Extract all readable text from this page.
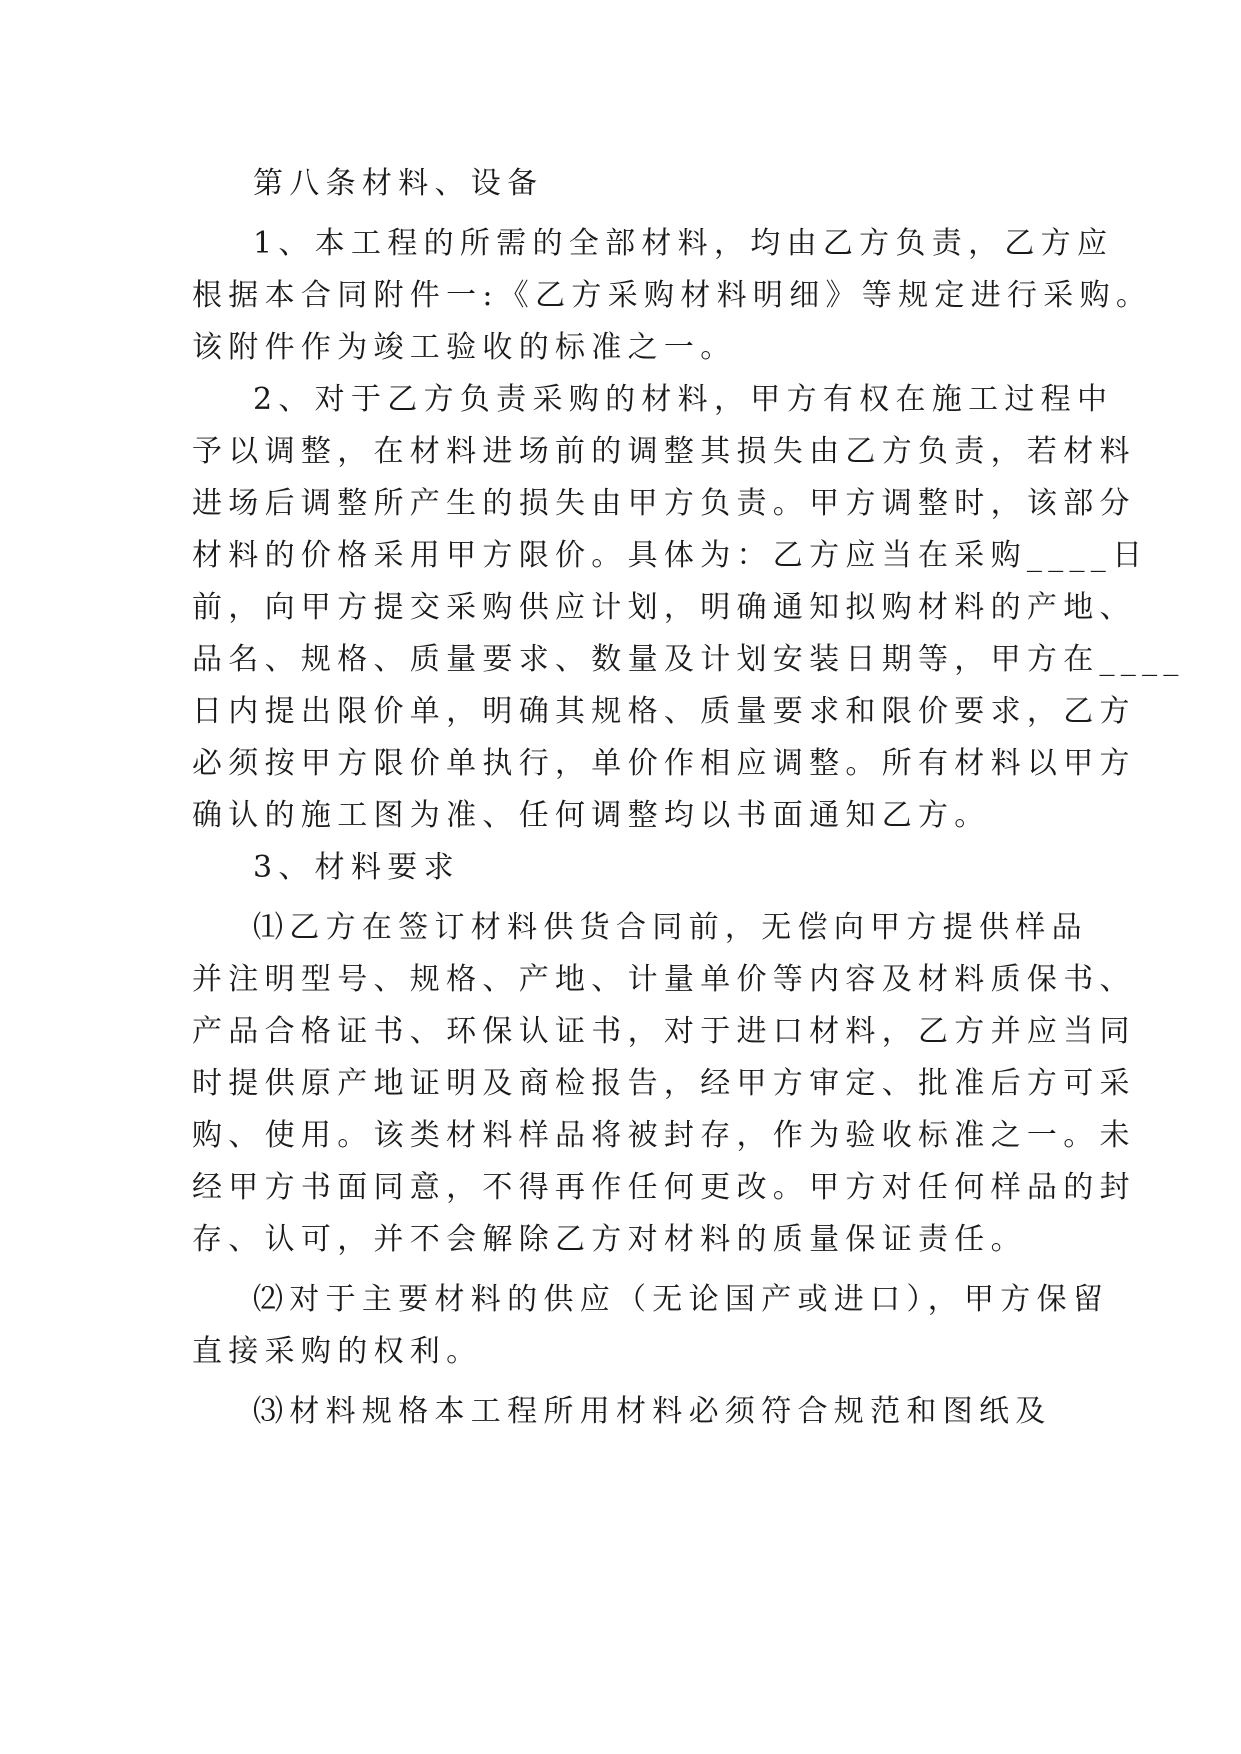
第八条材料、设备
1、本工程的所需的全部材料，均由乙方负责，乙方应
根据本合同附件一:《乙方采购材料明细》等规定进行采购。
该附件作为竣工验收的标准之一。
2、对于乙方负责采购的材料，甲方有权在施工过程中
予以调整，在材料进场前的调整其损失由乙方负责，若材料
进场后调整所产生的损失由甲方负责。甲方调整时，该部分
材料的价格采用甲方限价。具体为：乙方应当在采购____日
前，向甲方提交采购供应计划，明确通知拟购材料的产地、
品名、规格、质量要求、数量及计划安装日期等，甲方在____
日内提出限价单，明确其规格、质量要求和限价要求，乙方
必须按甲方限价单执行，单价作相应调整。所有材料以甲方
确认的施工图为准、任何调整均以书面通知乙方。
3、材料要求
⑴乙方在签订材料供货合同前，无偿向甲方提供样品
并注明型号、规格、产地、计量单价等内容及材料质保书、
产品合格证书、环保认证书，对于进口材料，乙方并应当同
时提供原产地证明及商检报告，经甲方审定、批准后方可采
购、使用。该类材料样品将被封存，作为验收标准之一。未
经甲方书面同意，不得再作任何更改。甲方对任何样品的封
存、认可，并不会解除乙方对材料的质量保证责任。
⑵对于主要材料的供应（无论国产或进口），甲方保留
直接采购的权利。
⑶材料规格本工程所用材料必须符合规范和图纸及
